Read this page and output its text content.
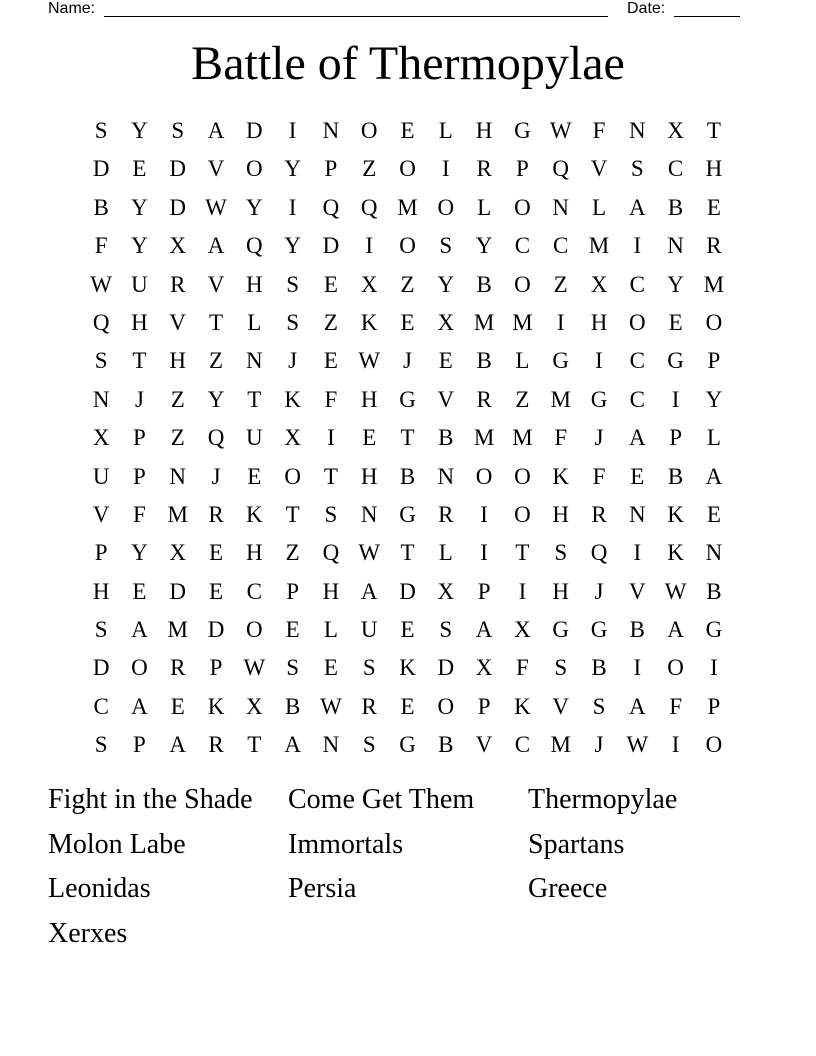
Name:	Date:
Battle of Thermopylae
S	Y	S	A D	I	N O E	L H G W F	N X T
D E D V O Y	P	Z O	I	R	P	Q V	S	C H
B Y D W Y	I	Q Q M O L O N L A B	E
F	Y X A Q Y D	I	O	S	Y C C M	I	N R
W U R V H	S	E X Z Y B O Z X C Y M
Q H V T	L	S	Z K E X M M	I	H O E O
S	T H Z N	J	E W J	E	B	L G	I	C G	P
N	J	Z Y T K	F	H G V R	Z M G C	I	Y
X	P	Z Q U X	I	E	T	B M M F	J	A	P	L
U	P	N	J	E O T H B N O O K	F	E	B A
V	F M R K T	S	N G R	I	O H R N K E
P	Y X E H Z Q W T	L	I	T	S	Q	I	K N
H E D E	C	P	H A D X	P	I	H	J	V W B
S	A M D O E	L U E	S	A X G G B A G
D O R	P W S	E	S	K D X	F	S	B	I	O	I
C A E K X B W R	E O	P	K V	S	A	F	P
S	P	A R	T A N	S	G B V C M	J W	I	O
Fight in the Shade	Come Get Them	Thermopylae
Molon Labe	Immortals	Spartans
Leonidas	Persia	Greece
Xerxes
